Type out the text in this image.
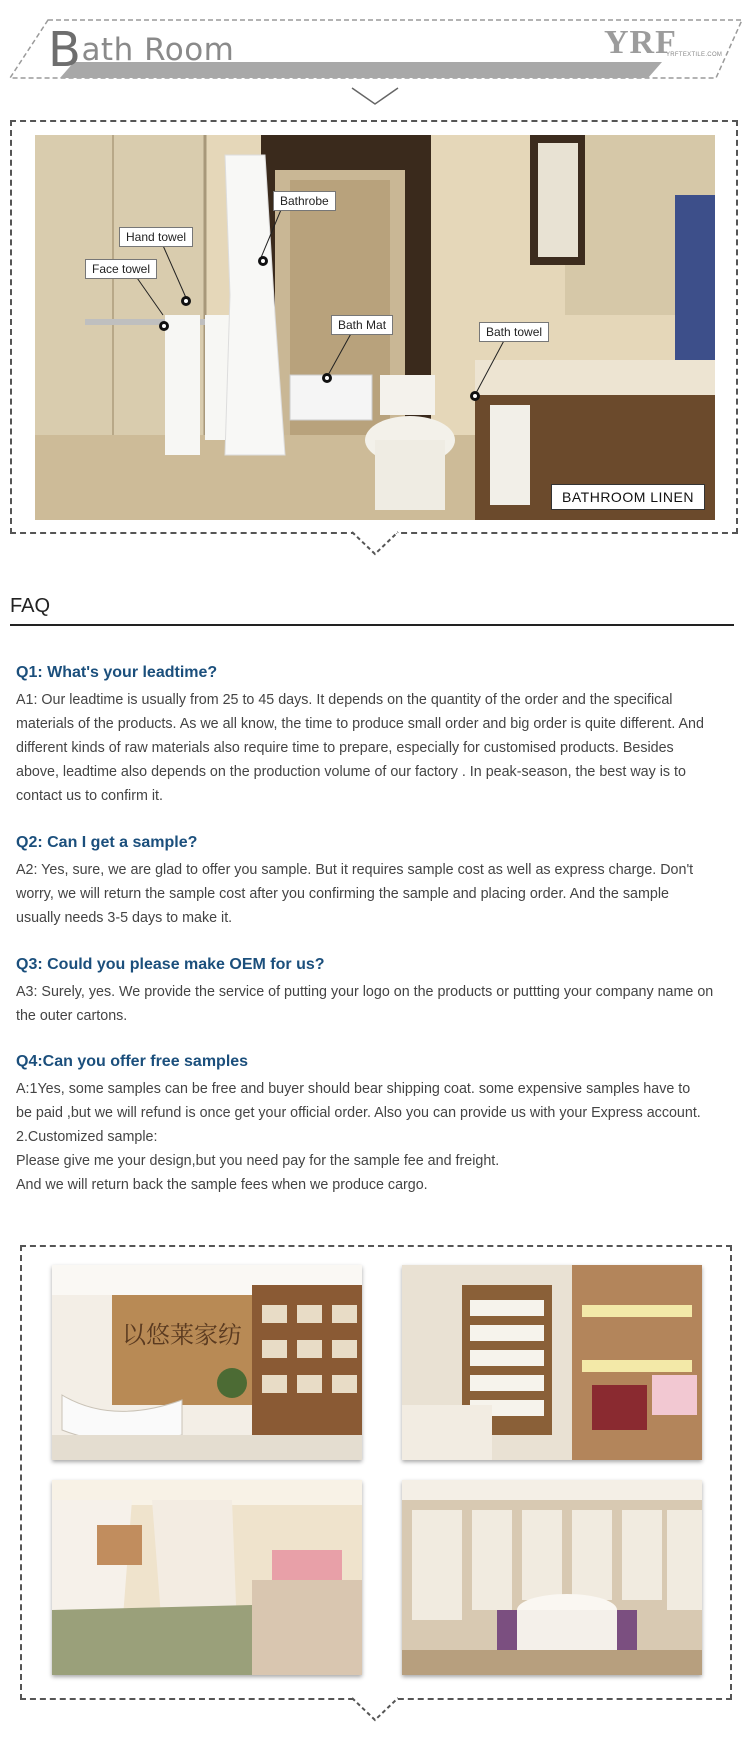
Bath Room	YRF
YRFTEXTILE.COM
Bathrobe
Hand towel
Face towel
Bath Mat	Bath towel
BATHROOM LINEN
FAQ
Q1: What's your leadtime?
A1: Our leadtime is usually from 25 to 45 days. It depends on the quantity of the order and the specifical
materials of the products. As we all know, the time to produce small order and big order is quite different. And
different kinds of raw materials also require time to prepare, especially for customised products. Besides
above, leadtime also depends on the production volume of our factory . In peak-season, the best way is to
contact us to confirm it.
Q2: Can I get a sample?
A2: Yes, sure, we are glad to offer you sample. But it requires sample cost as well as express charge. Don't
worry, we will return the sample cost after you confirming the sample and placing order. And the sample
usually needs 3-5 days to make it.
Q3: Could you please make OEM for us?
A3: Surely, yes. We provide the service of putting your logo on the products or puttting your company name on
the outer cartons.
Q4:Can you offer free samples
A:1Yes, some samples can be free and buyer should bear shipping coat. some expensive samples have to
be paid ,but we will refund is once get your official order. Also you can provide us with your Express account.
2.Customized sample:
Please give me your design,but you need pay for the sample fee and freight.
And we will return back the sample fees when we produce cargo.
以悠莱家纺
